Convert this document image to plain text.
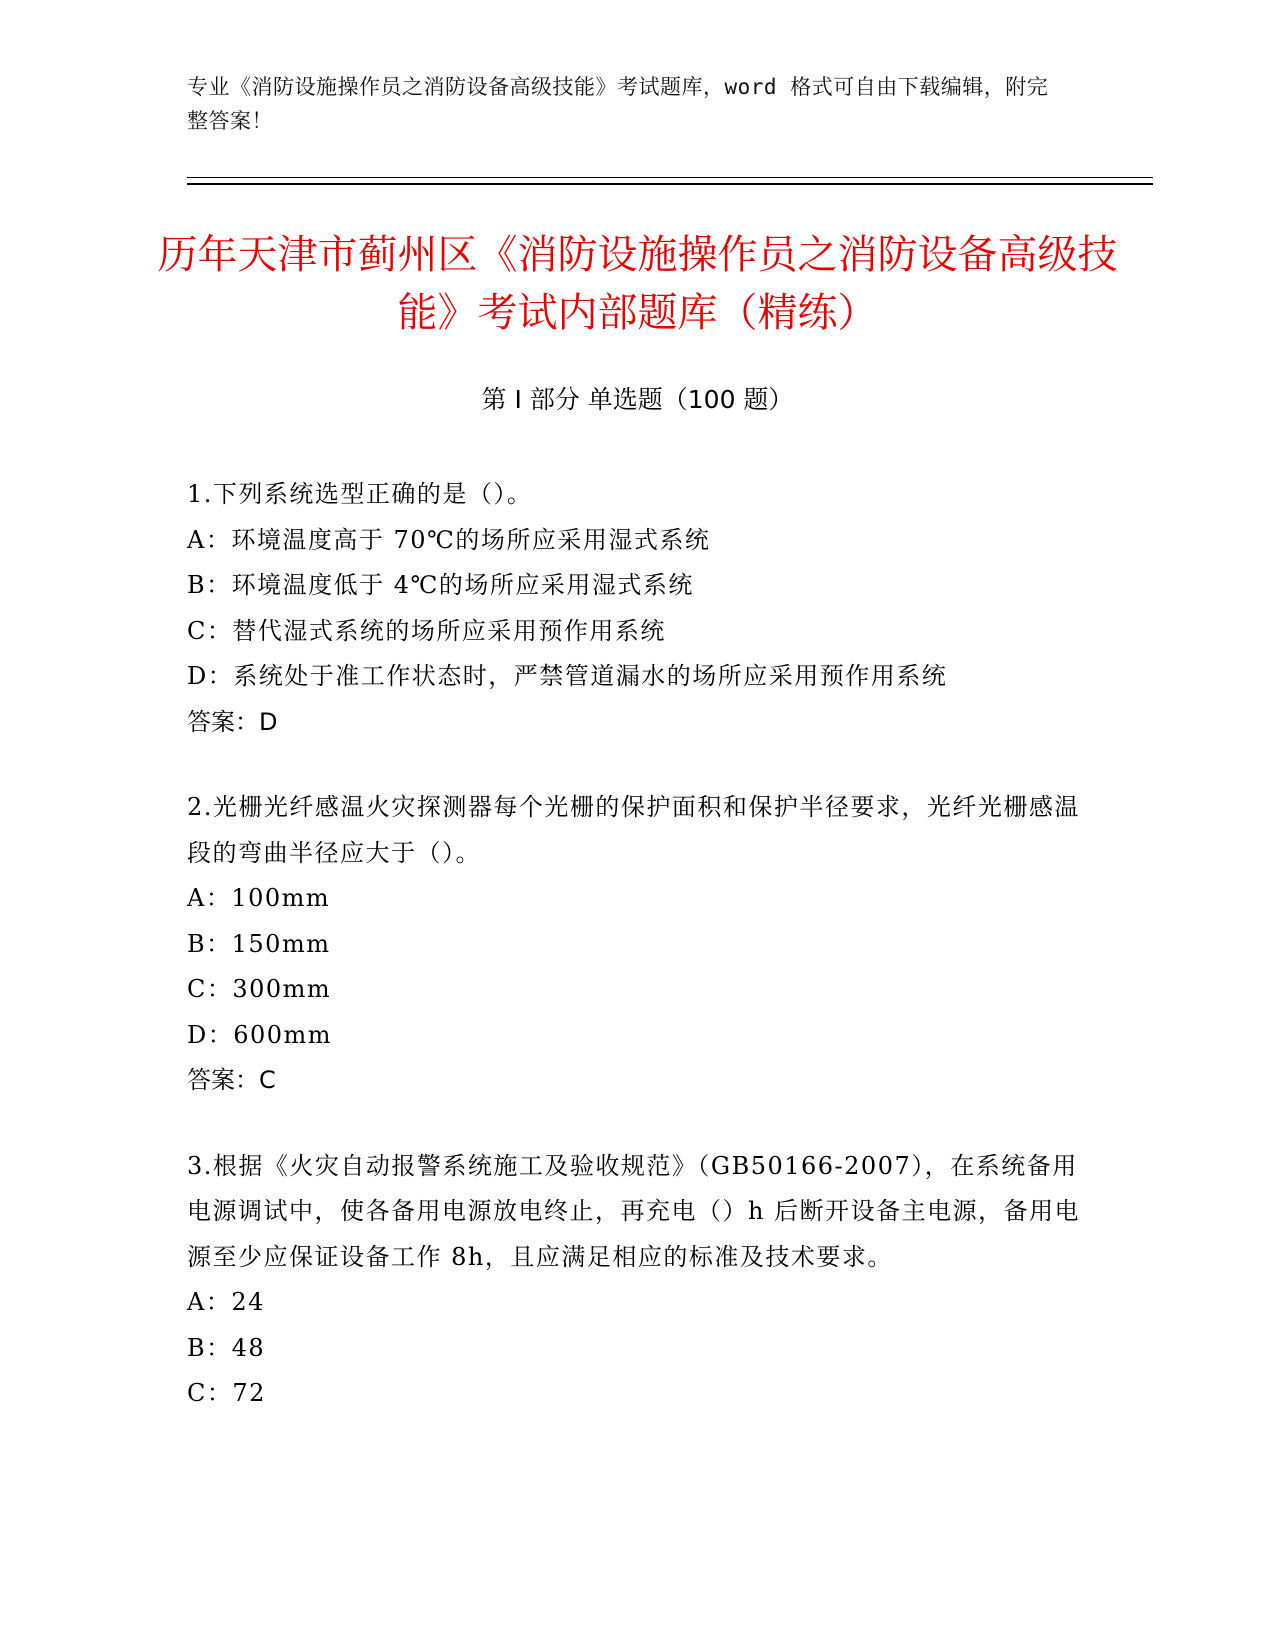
专业《消防设施操作员之消防设备高级技能》考试题库，word 格式可自由下载编辑，附完整答案！
历年天津市蓟州区《消防设施操作员之消防设备高级技能》考试内部题库（精练）
第 I 部分 单选题（100 题）

1.下列系统选型正确的是（）。

A：环境温度高于 70℃的场所应采用湿式系统

B：环境温度低于 4℃的场所应采用湿式系统

C：替代湿式系统的场所应采用预作用系统

D：系统处于准工作状态时，严禁管道漏水的场所应采用预作用系统

答案：D

2.光栅光纤感温火灾探测器每个光栅的保护面积和保护半径要求，光纤光栅感温段的弯曲半径应大于（）。

A：100mm

B：150mm

C：300mm

D：600mm

答案：C

3.根据《火灾自动报警系统施工及验收规范》（GB50166-2007），在系统备用电源调试中，使各备用电源放电终止，再充电（）h 后断开设备主电源，备用电源至少应保证设备工作 8h，且应满足相应的标准及技术要求。

A：24

B：48

C：72
